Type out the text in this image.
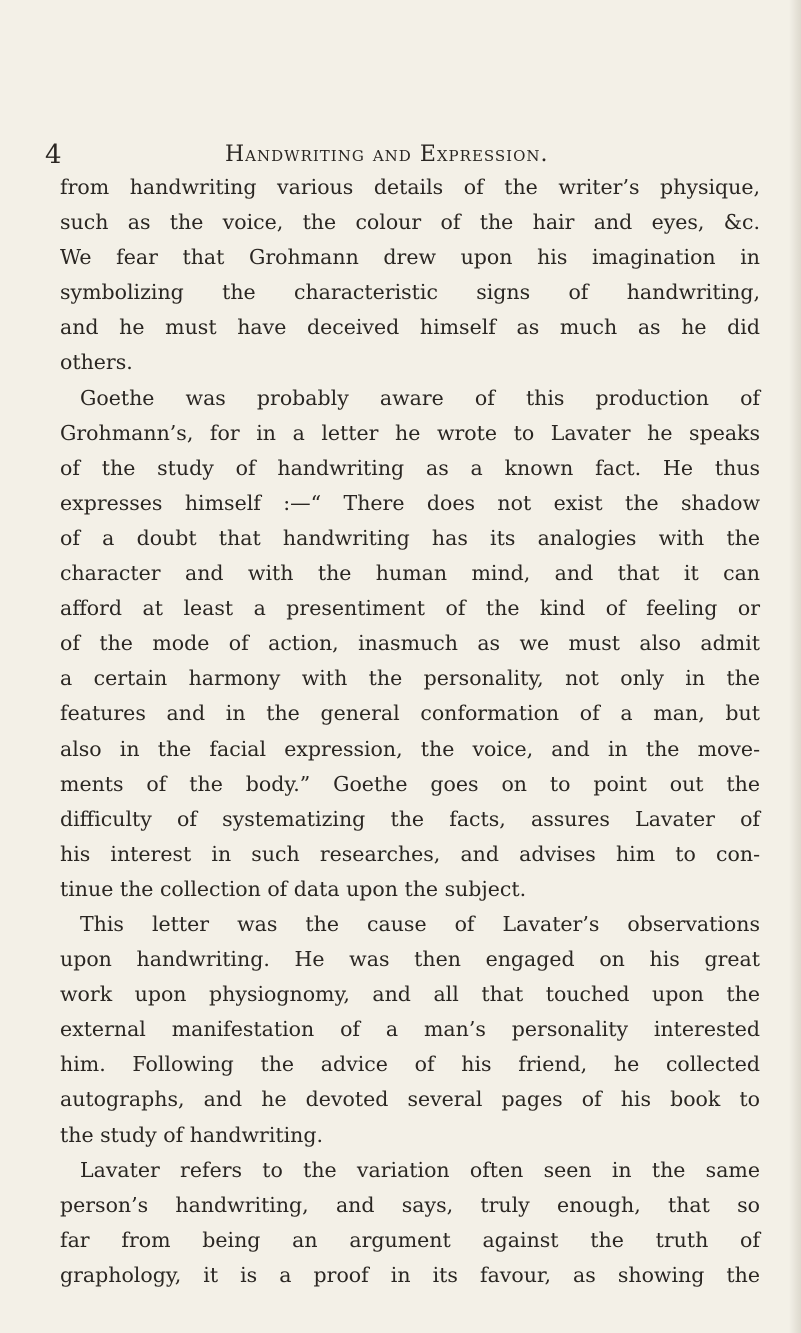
4	Handwriting and Expression.
from handwriting various details of the writer’s physique,
such as the voice, the colour of the hair and eyes, &c.
We fear that Grohmann drew upon his imagination in
symbolizing the characteristic signs of handwriting,
and he must have deceived himself as much as he did
others.
Goethe was probably aware of this production of
Grohmann’s, for in a letter he wrote to Lavater he speaks
of the study of handwriting as a known fact. He thus
expresses himself :—“ There does not exist the shadow
of a doubt that handwriting has its analogies with the
character and with the human mind, and that it can
afford at least a presentiment of the kind of feeling or
of the mode of action, inasmuch as we must also admit
a certain harmony with the personality, not only in the
features and in the general conformation of a man, but
also in the facial expression, the voice, and in the move-
ments of the body.” Goethe goes on to point out the
difficulty of systematizing the facts, assures Lavater of
his interest in such researches, and advises him to con-
tinue the collection of data upon the subject.
This letter was the cause of Lavater’s observations
upon handwriting. He was then engaged on his great
work upon physiognomy, and all that touched upon the
external manifestation of a man’s personality interested
him. Following the advice of his friend, he collected
autographs, and he devoted several pages of his book to
the study of handwriting.
Lavater refers to the variation often seen in the same
person’s handwriting, and says, truly enough, that so
far from being an argument against the truth of
graphology, it is a proof in its favour, as showing the
